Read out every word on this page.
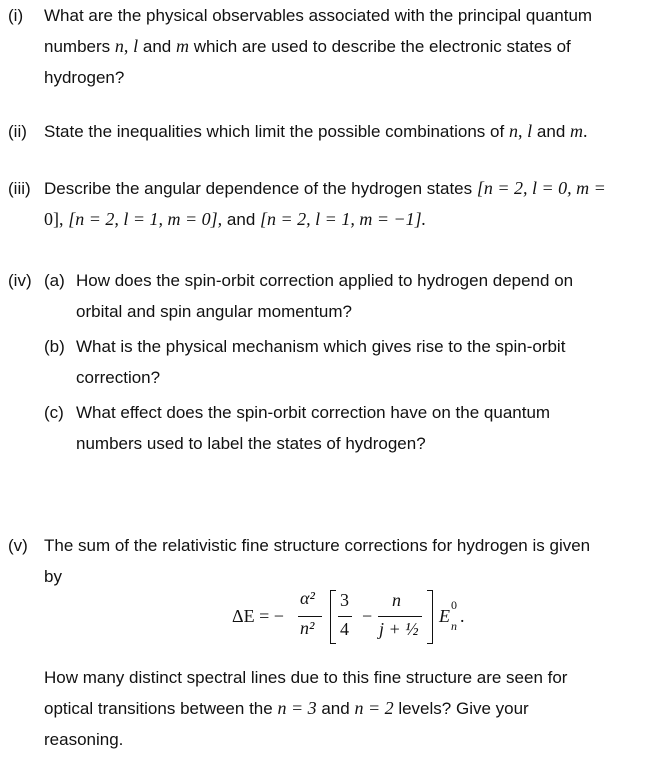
(i)	What are the physical observables associated with the principal quantum
numbers n, l and m which are used to describe the electronic states of
hydrogen?
(ii)	State the inequalities which limit the possible combinations of n, l and m.
(iii) Describe the angular dependence of the hydrogen states [n = 2, l = 0, m =
0], [n = 2, l = 1, m = 0], and [n = 2, l = 1, m = −1].
(iv) (a) How does the spin-orbit correction applied to hydrogen depend on
orbital and spin angular momentum?
(b) What is the physical mechanism which gives rise to the spin-orbit
correction?
(c) What effect does the spin-orbit correction have on the quantum
numbers used to label the states of hydrogen?
(v) The sum of the relativistic fine structure corrections for hydrogen is given
by
ΔE = −
α²
n²
3
4
−
n
j + ½
E
0
n .
How many distinct spectral lines due to this fine structure are seen for
optical transitions between the n = 3 and n = 2 levels? Give your
reasoning.
